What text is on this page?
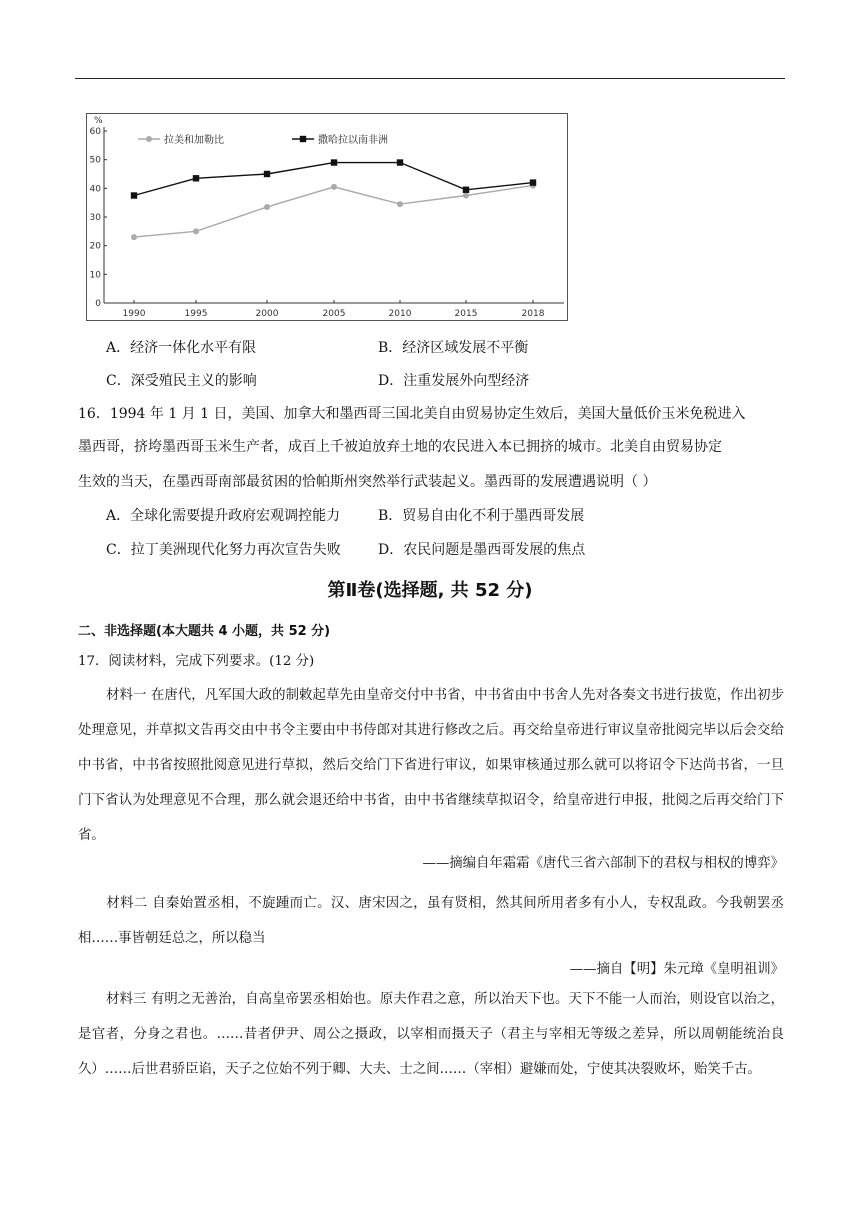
%
0
10
20
30
40
50
60
1990	1995	2000	2005	2010	2015	2018
拉美和加勒比	撒哈拉以南非洲
A．经济一体化水平有限	B．经济区域发展不平衡
C．深受殖民主义的影响	D．注重发展外向型经济
16．1994 年 1 月 1 日，美国、加拿大和墨西哥三国北美自由贸易协定生效后，美国大量低价玉米免税进入
墨西哥，挤垮墨西哥玉米生产者，成百上千被迫放弃土地的农民进入本已拥挤的城市。北美自由贸易协定
生效的当天，在墨西哥南部最贫困的恰帕斯州突然举行武装起义。墨西哥的发展遭遇说明（ ）
A．全球化需要提升政府宏观调控能力	B．贸易自由化不利于墨西哥发展
C．拉丁美洲现代化努力再次宣告失败	D．农民问题是墨西哥发展的焦点
第Ⅱ卷(选择题, 共 52 分)
二、非选择题(本大题共 4 小题，共 52 分)
17．阅读材料，完成下列要求。(12 分)
材料一 在唐代，凡军国大政的制敕起草先由皇帝交付中书省，中书省由中书舍人先对各奏文书进行拔览，作出初步处理意见，并草拟文告再交由中书令主要由中书侍郎对其进行修改之后。再交给皇帝进行审议皇帝批阅完毕以后会交给中书省，中书省按照批阅意见进行草拟，然后交给门下省进行审议，如果审核通过那么就可以将诏令下达尚书省，一旦门下省认为处理意见不合理，那么就会退还给中书省，由中书省继续草拟诏令，给皇帝进行申报，批阅之后再交给门下省。
——摘编自年霜霜《唐代三省六部制下的君权与相权的博弈》
材料二 自秦始置丞相，不旋踵而亡。汉、唐宋因之，虽有贤相，然其间所用者多有小人，专权乱政。今我朝罢丞相……事皆朝廷总之，所以稳当
——摘自【明】朱元璋《皇明祖训》
材料三 有明之无善治，自高皇帝罢丞相始也。原夫作君之意，所以治天下也。天下不能一人而治，则设官以治之，是官者，分身之君也。……昔者伊尹、周公之摄政，以宰相而摄天子（君主与宰相无等级之差异，所以周朝能统治良久）……后世君骄臣谄，天子之位始不列于卿、大夫、士之间……（宰相）避嫌而处，宁使其决裂败坏，贻笑千古。
